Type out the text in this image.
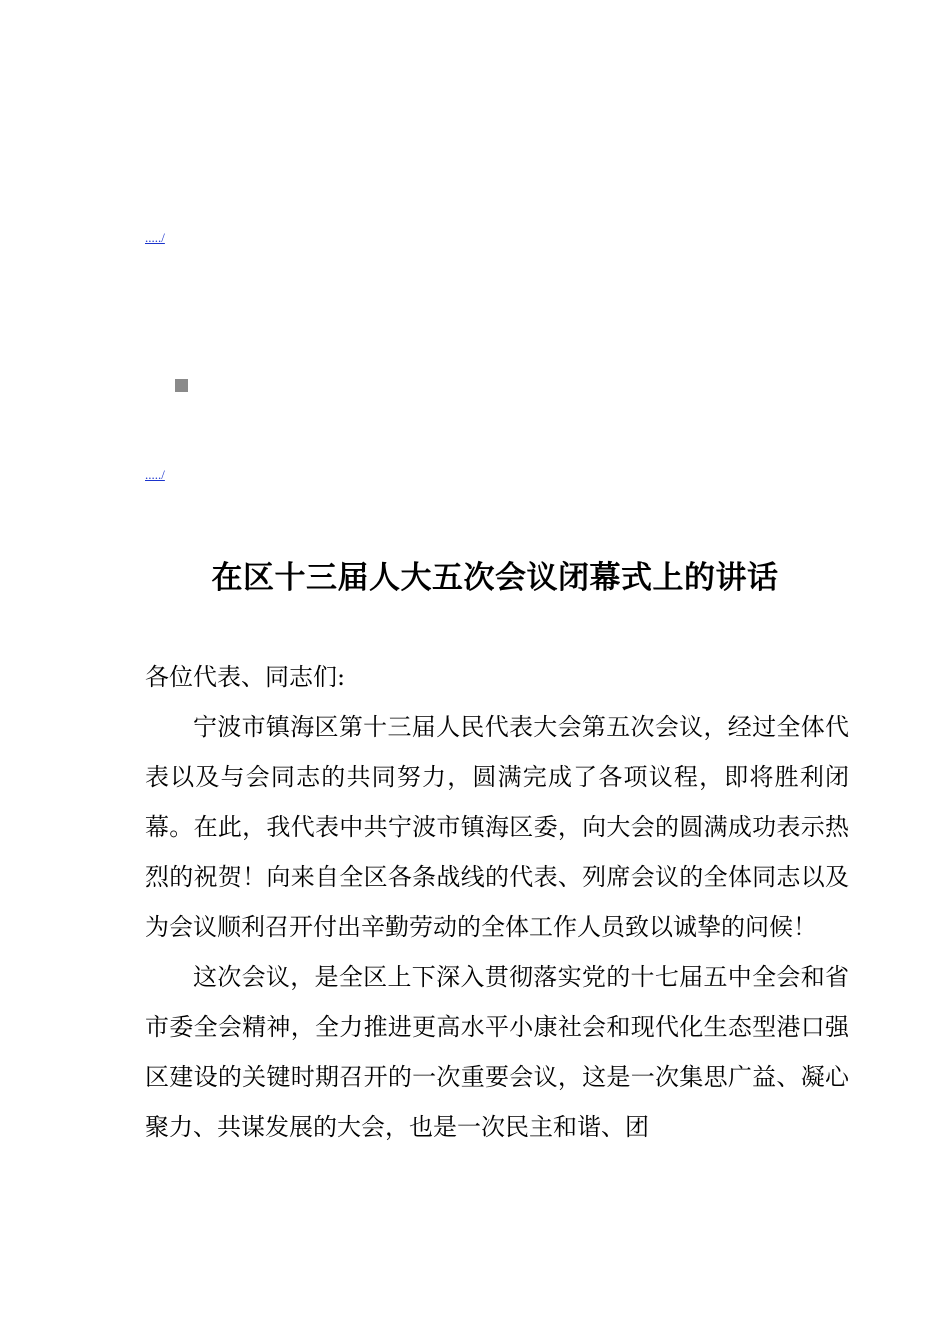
...../
...../
在区十三届人大五次会议闭幕式上的讲话
各位代表、同志们:

宁波市镇海区第十三届人民代表大会第五次会议，经过全体代表以及与会同志的共同努力，圆满完成了各项议程，即将胜利闭幕。在此，我代表中共宁波市镇海区委，向大会的圆满成功表示热烈的祝贺！向来自全区各条战线的代表、列席会议的全体同志以及为会议顺利召开付出辛勤劳动的全体工作人员致以诚挚的问候！

这次会议，是全区上下深入贯彻落实党的十七届五中全会和省市委全会精神，全力推进更高水平小康社会和现代化生态型港口强区建设的关键时期召开的一次重要会议，这是一次集思广益、凝心聚力、共谋发展的大会，也是一次民主和谐、团
